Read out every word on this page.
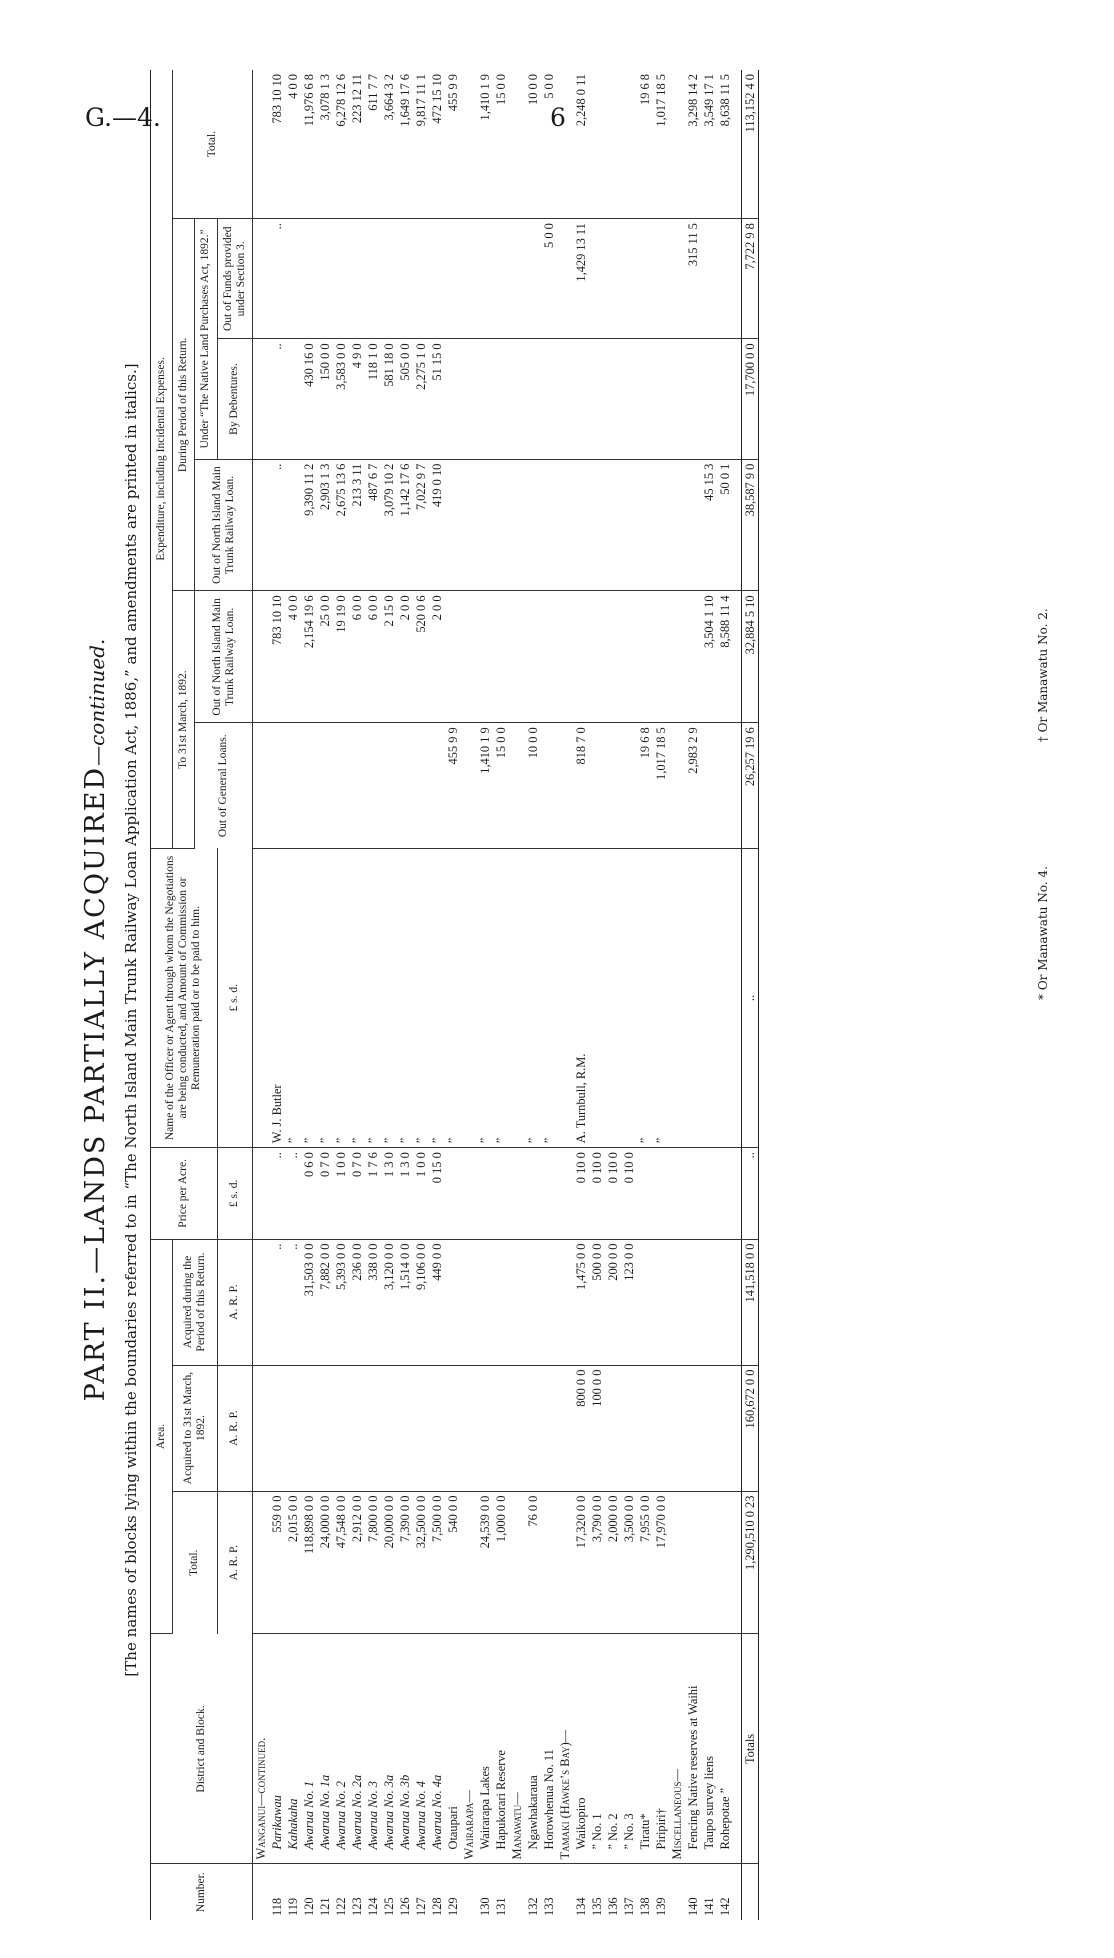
G.—4.	6
PART II.—LANDS PARTIALLY ACQUIRED—continued. [The names of blocks lying within the boundaries referred to in “The North Island Main Trunk Railway Loan Application Act, 1886,” and amendments are printed in italics.]
Number.	District and Block.	Area.			Price per Acre.	Name of the Officer or Agent through whom the Negotiations are being conducted, and Amount of Commission or Remuneration paid or to be paid to him.	Expenditure, including Incidental Expenses.					
		Total.	Acquired to 31st March, 1892.	Acquired during the Period of this Return.			To 31st March, 1892.		During Period of this Return.			Total.
							Out of General Loans.	Out of North Island Main Trunk Railway Loan.	Out of North Island Main Trunk Railway Loan.	Under “The Native Land Purchases Act, 1892.”		
		A. R. P.	A. R. P.	A. R. P.	£ s. d.	£ s. d.				By Debentures.	Out of Funds provided under Section 3.	
	Wanganui—continued.											
118	Parikawau	559 0 0		..	..	W. J. Butler		783 10 10	..	..	..	783 10 10
119	Kahakaha	2,015 0 0		..	..	”		4 0 0				4 0 0
120	Awarua No. 1	118,898 0 0		31,503 0 0	0 6 0	”		2,154 19 6	9,390 11 2	430 16 0		11,976 6 8
121	Awarua No. 1a	24,000 0 0		7,882 0 0	0 7 0	”		25 0 0	2,903 1 3	150 0 0		3,078 1 3
122	Awarua No. 2	47,548 0 0		5,393 0 0	1 0 0	”		19 19 0	2,675 13 6	3,583 0 0		6,278 12 6
123	Awarua No. 2a	2,912 0 0		236 0 0	0 7 0	”		6 0 0	213 3 11	4 9 0		223 12 11
124	Awarua No. 3	7,800 0 0		338 0 0	1 7 6	”		6 0 0	487 6 7	118 1 0		611 7 7
125	Awarua No. 3a	20,000 0 0		3,120 0 0	1 3 0	”		2 15 0	3,079 10 2	581 18 0		3,664 3 2
126	Awarua No. 3b	7,390 0 0		1,514 0 0	1 3 0	”		2 0 0	1,142 17 6	505 0 0		1,649 17 6
127	Awarua No. 4	32,500 0 0		9,106 0 0	1 0 0	”		520 0 6	7,022 9 7	2,275 1 0		9,817 11 1
128	Awarua No. 4a	7,500 0 0		449 0 0	0 15 0	”		2 0 0	419 0 10	51 15 0		472 15 10
129	Otaupari	540 0 0				”	455 9 9					455 9 9
	Wairarapa—											
130	Wairarapa Lakes	24,539 0 0				”	1,410 1 9					1,410 1 9
131	Hapukorari Reserve	1,000 0 0				”	15 0 0					15 0 0
	Manawatu—											
132	Ngawhakaraua	76 0 0				”	10 0 0					10 0 0
133	Horowhenua No. 11					”					5 0 0	5 0 0
	Tamaki (Hawke’s Bay)—											
134	Waikopiro	17,320 0 0	800 0 0	1,475 0 0	0 10 0	A. Turnbull, R.M.	818 7 0				1,429 13 11	2,248 0 11
135	” No. 1	3,790 0 0	100 0 0	500 0 0	0 10 0							
136	” No. 2	2,000 0 0		200 0 0	0 10 0							
137	” No. 3	3,500 0 0		123 0 0	0 10 0							
138	Tiratu*	7,955 0 0				”	19 6 8					19 6 8
139	Piripiri†	17,970 0 0				”	1,017 18 5					1,017 18 5
	Miscellaneous—											
140	Fencing Native reserves at Waihi						2,983 2 9				315 11 5	3,298 14 2
141	Taupo survey liens							3,504 1 10	45 15 3			3,549 17 1
142	Rohepotae ”							8,588 11 4	50 0 1			8,638 11 5

	Totals	1,290,510 0 23	160,672 0 0	141,518 0 0	..	..	26,257 19 6	32,884 5 10	38,587 9 0	17,700 0 0	7,722 9 8	113,152 4 0
* Or Manawatu No. 4. † Or Manawatu No. 2.
